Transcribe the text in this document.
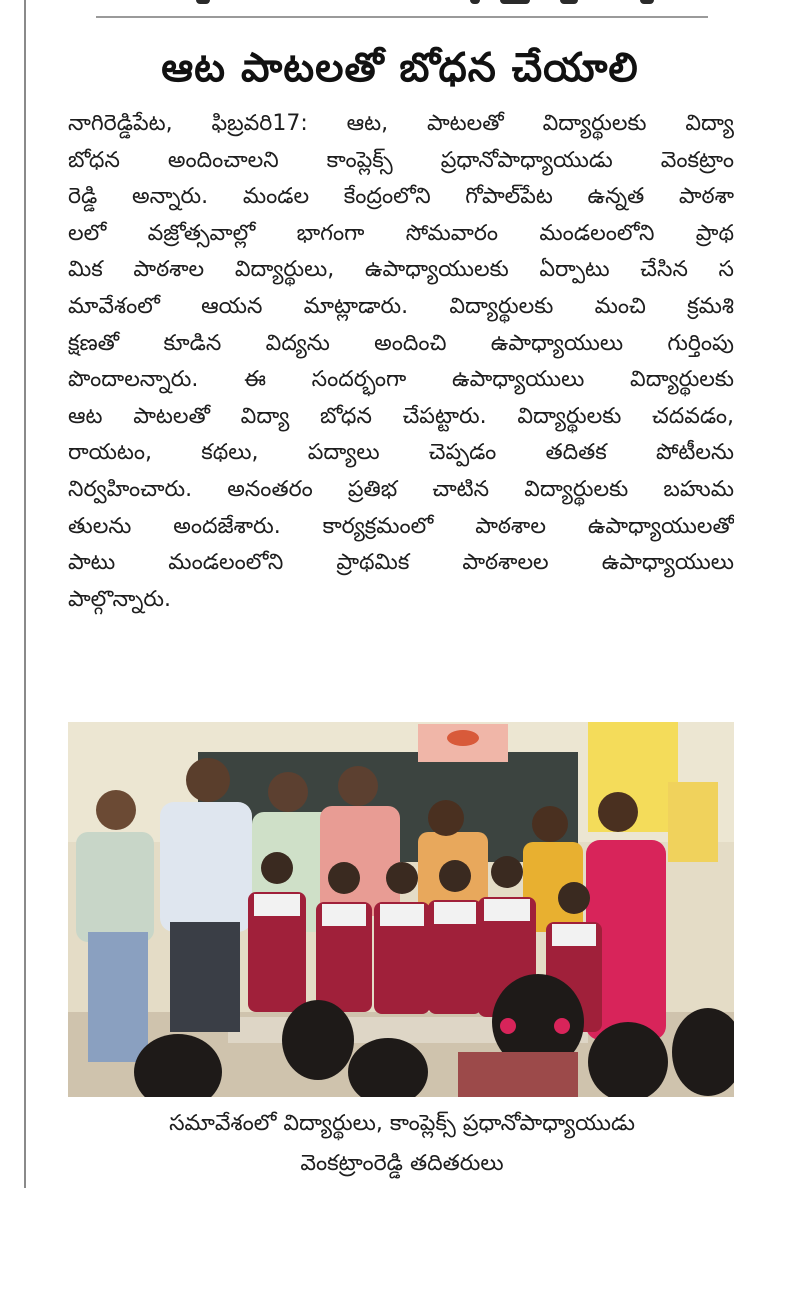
ఆట పాటలతో బోధన చేయాలి
నాగిరెడ్డిపేట, ఫిబ్రవరి17: ఆట, పాటలతో విద్యార్థులకు విద్యా
బోధన అందించాలని కాంప్లెక్స్ ప్రధానోపాధ్యాయుడు వెంకట్రాం
రెడ్డి అన్నారు. మండల కేంద్రంలోని గోపాల్‌పేట ఉన్నత పాఠశా
లలో వజ్రోత్సవాల్లో భాగంగా సోమవారం మండలంలోని ప్రాథ
మిక పాఠశాల విద్యార్థులు, ఉపాధ్యాయులకు ఏర్పాటు చేసిన స
మావేశంలో ఆయన మాట్లాడారు. విద్యార్థులకు మంచి క్రమశి
క్షణతో కూడిన విద్యను అందించి ఉపాధ్యాయులు గుర్తింపు
పొందాలన్నారు. ఈ సందర్భంగా ఉపాధ్యాయులు విద్యార్థులకు
ఆట పాటలతో విద్యా బోధన చేపట్టారు. విద్యార్థులకు చదవడం,
రాయటం, కథలు, పద్యాలు చెప్పడం తదితక పోటీలను
నిర్వహించారు. అనంతరం ప్రతిభ చాటిన విద్యార్థులకు బహుమ
తులను అందజేశారు. కార్యక్రమంలో పాఠశాల ఉపాధ్యాయులతో
పాటు మండలంలోని ప్రాథమిక పాఠశాలల ఉపాధ్యాయులు
పాల్గొన్నారు.
సమావేశంలో విద్యార్థులు, కాంప్లెక్స్ ప్రధానోపాధ్యాయుడు
వెంకట్రాంరెడ్డి తదితరులు
